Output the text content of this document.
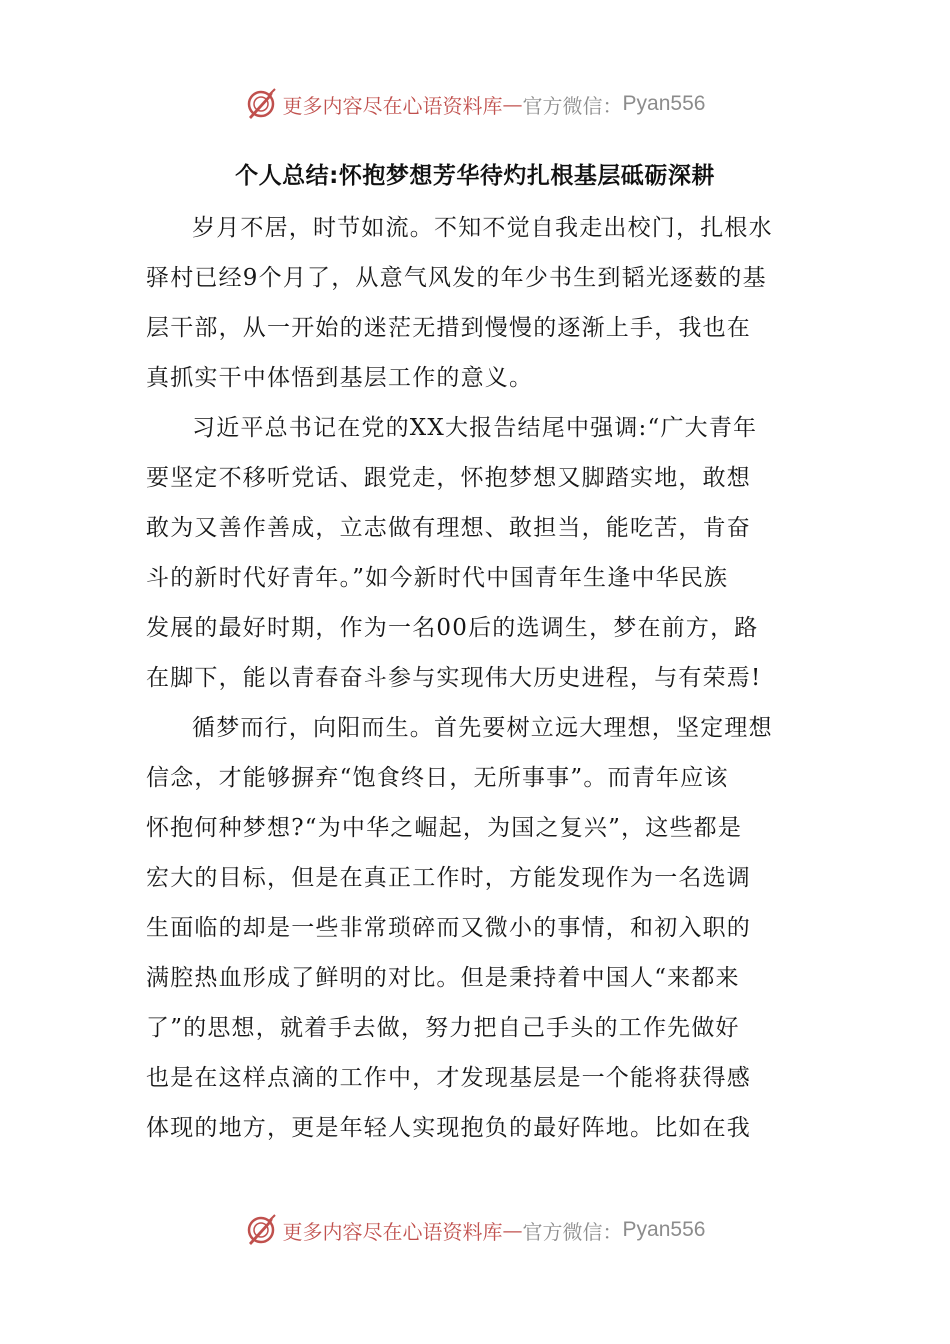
更多内容尽在心语资料库 — 官方微信： Pyan556
个人总结:怀抱梦想芳华待灼扎根基层砥砺深耕
岁月不居，时节如流。不知不觉自我走出校门，扎根水
驿村已经9个月了，从意气风发的年少书生到韬光逐薮的基
层干部，从一开始的迷茫无措到慢慢的逐渐上手，我也在
真抓实干中体悟到基层工作的意义。
习近平总书记在党的XX大报告结尾中强调:“广大青年
要坚定不移听党话、跟党走，怀抱梦想又脚踏实地，敢想
敢为又善作善成，立志做有理想、敢担当，能吃苦，肯奋
斗的新时代好青年。”如今新时代中国青年生逢中华民族
发展的最好时期，作为一名00后的选调生，梦在前方，路
在脚下，能以青春奋斗参与实现伟大历史进程，与有荣焉!
循梦而行，向阳而生。首先要树立远大理想，坚定理想
信念，才能够摒弃“饱食终日，无所事事”。而青年应该
怀抱何种梦想?“为中华之崛起，为国之复兴”，这些都是
宏大的目标，但是在真正工作时，方能发现作为一名选调
生面临的却是一些非常琐碎而又微小的事情，和初入职的
满腔热血形成了鲜明的对比。但是秉持着中国人“来都来
了”的思想，就着手去做，努力把自己手头的工作先做好
也是在这样点滴的工作中，才发现基层是一个能将获得感
体现的地方，更是年轻人实现抱负的最好阵地。比如在我
更多内容尽在心语资料库 — 官方微信： Pyan556
